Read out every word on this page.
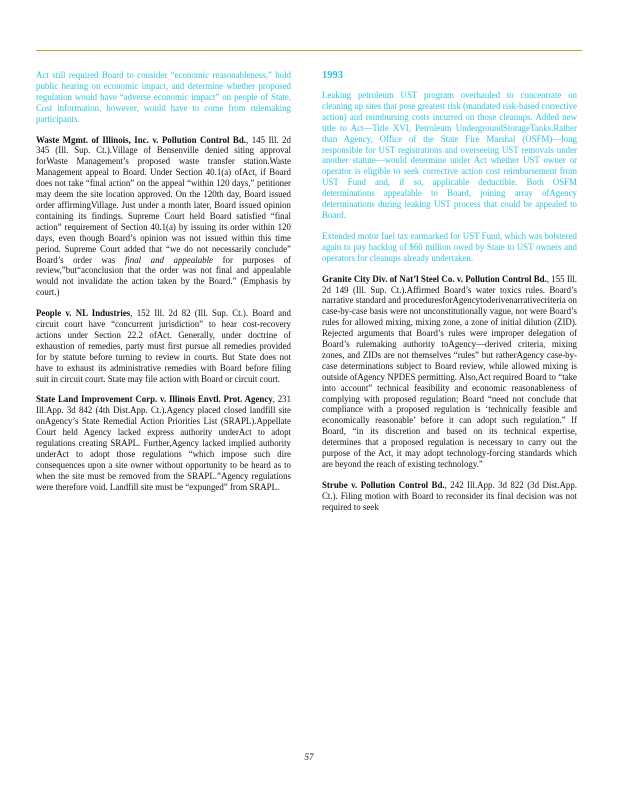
Act still required Board to consider “economic reasonableness,” hold public hearing on economic impact, and determine whether proposed regulation would have “adverse economic impact” on people of State. Cost information, however, would have to come from rulemaking participants.

Waste Mgmt. of Illinois, Inc. v. Pollution Control Bd., 145 Ill. 2d 345 (Ill. Sup. Ct.).Village of Bensenville denied siting approval forWaste Management’s proposed waste transfer station.Waste Management appeal to Board. Under Section 40.1(a) ofAct, if Board does not take “final action” on the appeal “within 120 days,” petitioner may deem the site location approved. On the 120th day, Board issued order affirmingVillage. Just under a month later, Board issued opinion containing its findings. Supreme Court held Board satisfied “final action” requirement of Section 40.1(a) by issuing its order within 120 days, even though Board’s opinion was not issued within this time period. Supreme Court added that “we do not necessarily conclude” Board’s order was final and appealable for purposes of review,”but“aconclusion that the order was not final and appealable would not invalidate the action taken by the Board.” (Emphasis by court.)

People v. NL Industries, 152 Ill. 2d 82 (Ill. Sup. Ct.). Board and circuit court have “concurrent jurisdiction” to hear cost-recovery actions under Section 22.2 ofAct. Generally, under doctrine of exhaustion of remedies, party must first pursue all remedies provided for by statute before turning to review in courts. But State does not have to exhaust its administrative remedies with Board before filing suit in circuit court. State may file action with Board or circuit court.

State Land Improvement Corp. v. Illinois Envtl. Prot. Agency, 231 Ill.App. 3d 842 (4th Dist.App. Ct.).Agency placed closed landfill site onAgency’s State Remedial Action Priorities List (SRAPL).Appellate Court held Agency lacked express authority underAct to adopt regulations creating SRAPL. Further,Agency lacked implied authority underAct to adopt those regulations “which impose such dire consequences upon a site owner without opportunity to be heard as to when the site must be removed from the SRAPL.”Agency regulations were therefore void. Landfill site must be “expunged” from SRAPL.

1993

Leaking petroleum UST program overhauled to concentrate on cleaning up sites that pose greatest risk (mandated risk-based corrective action) and reimbursing costs incurred on those cleanups. Added new title to Act—Title XVI, Petroleum UndergroundStorageTanks.Rather than Agency, Office of the State Fire Marshal (OSFM)—long responsible for UST registrations and overseeing UST removals under another statute—would determine under Act whether UST owner or operator is eligible to seek corrective action cost reimbursement from UST Fund and, if so, applicable deductible. Both OSFM determinations appealable to Board, joining array ofAgency determinations during leaking UST process that could be appealed to Board.

Extended motor fuel tax earmarked for UST Fund, which was bolstered again to pay backlog of $60 million owed by State to UST owners and operators for cleanups already undertaken.

Granite City Div. of Nat’l Steel Co. v. Pollution Control Bd., 155 Ill. 2d 149 (Ill. Sup. Ct.).Affirmed Board’s water toxics rules. Board’s narrative standard and proceduresforAgencytoderivenarrativecriteria on case-by-case basis were not unconstitutionally vague, nor were Board’s rules for allowed mixing, mixing zone, a zone of initial dilution (ZID). Rejected arguments that Board’s rules were improper delegation of Board’s rulemaking authority toAgency—derived criteria, mixing zones, and ZIDs are not themselves “rules” but ratherAgency case-by-case determinations subject to Board review, while allowed mixing is outside ofAgency NPDES permitting. Also,Act required Board to “take into account” technical feasibility and economic reasonableness of complying with proposed regulation; Board “need not conclude that compliance with a proposed regulation is ‘technically feasible and economically reasonable’ before it can adopt such regulation.” If Board, “in its discretion and based on its technical expertise, determines that a proposed regulation is necessary to carry out the purpose of the Act, it may adopt technology-forcing standards which are beyond the reach of existing technology.”

Strube v. Pollution Control Bd., 242 Ill.App. 3d 822 (3d Dist.App. Ct.). Filing motion with Board to reconsider its final decision was not required to seek

57
